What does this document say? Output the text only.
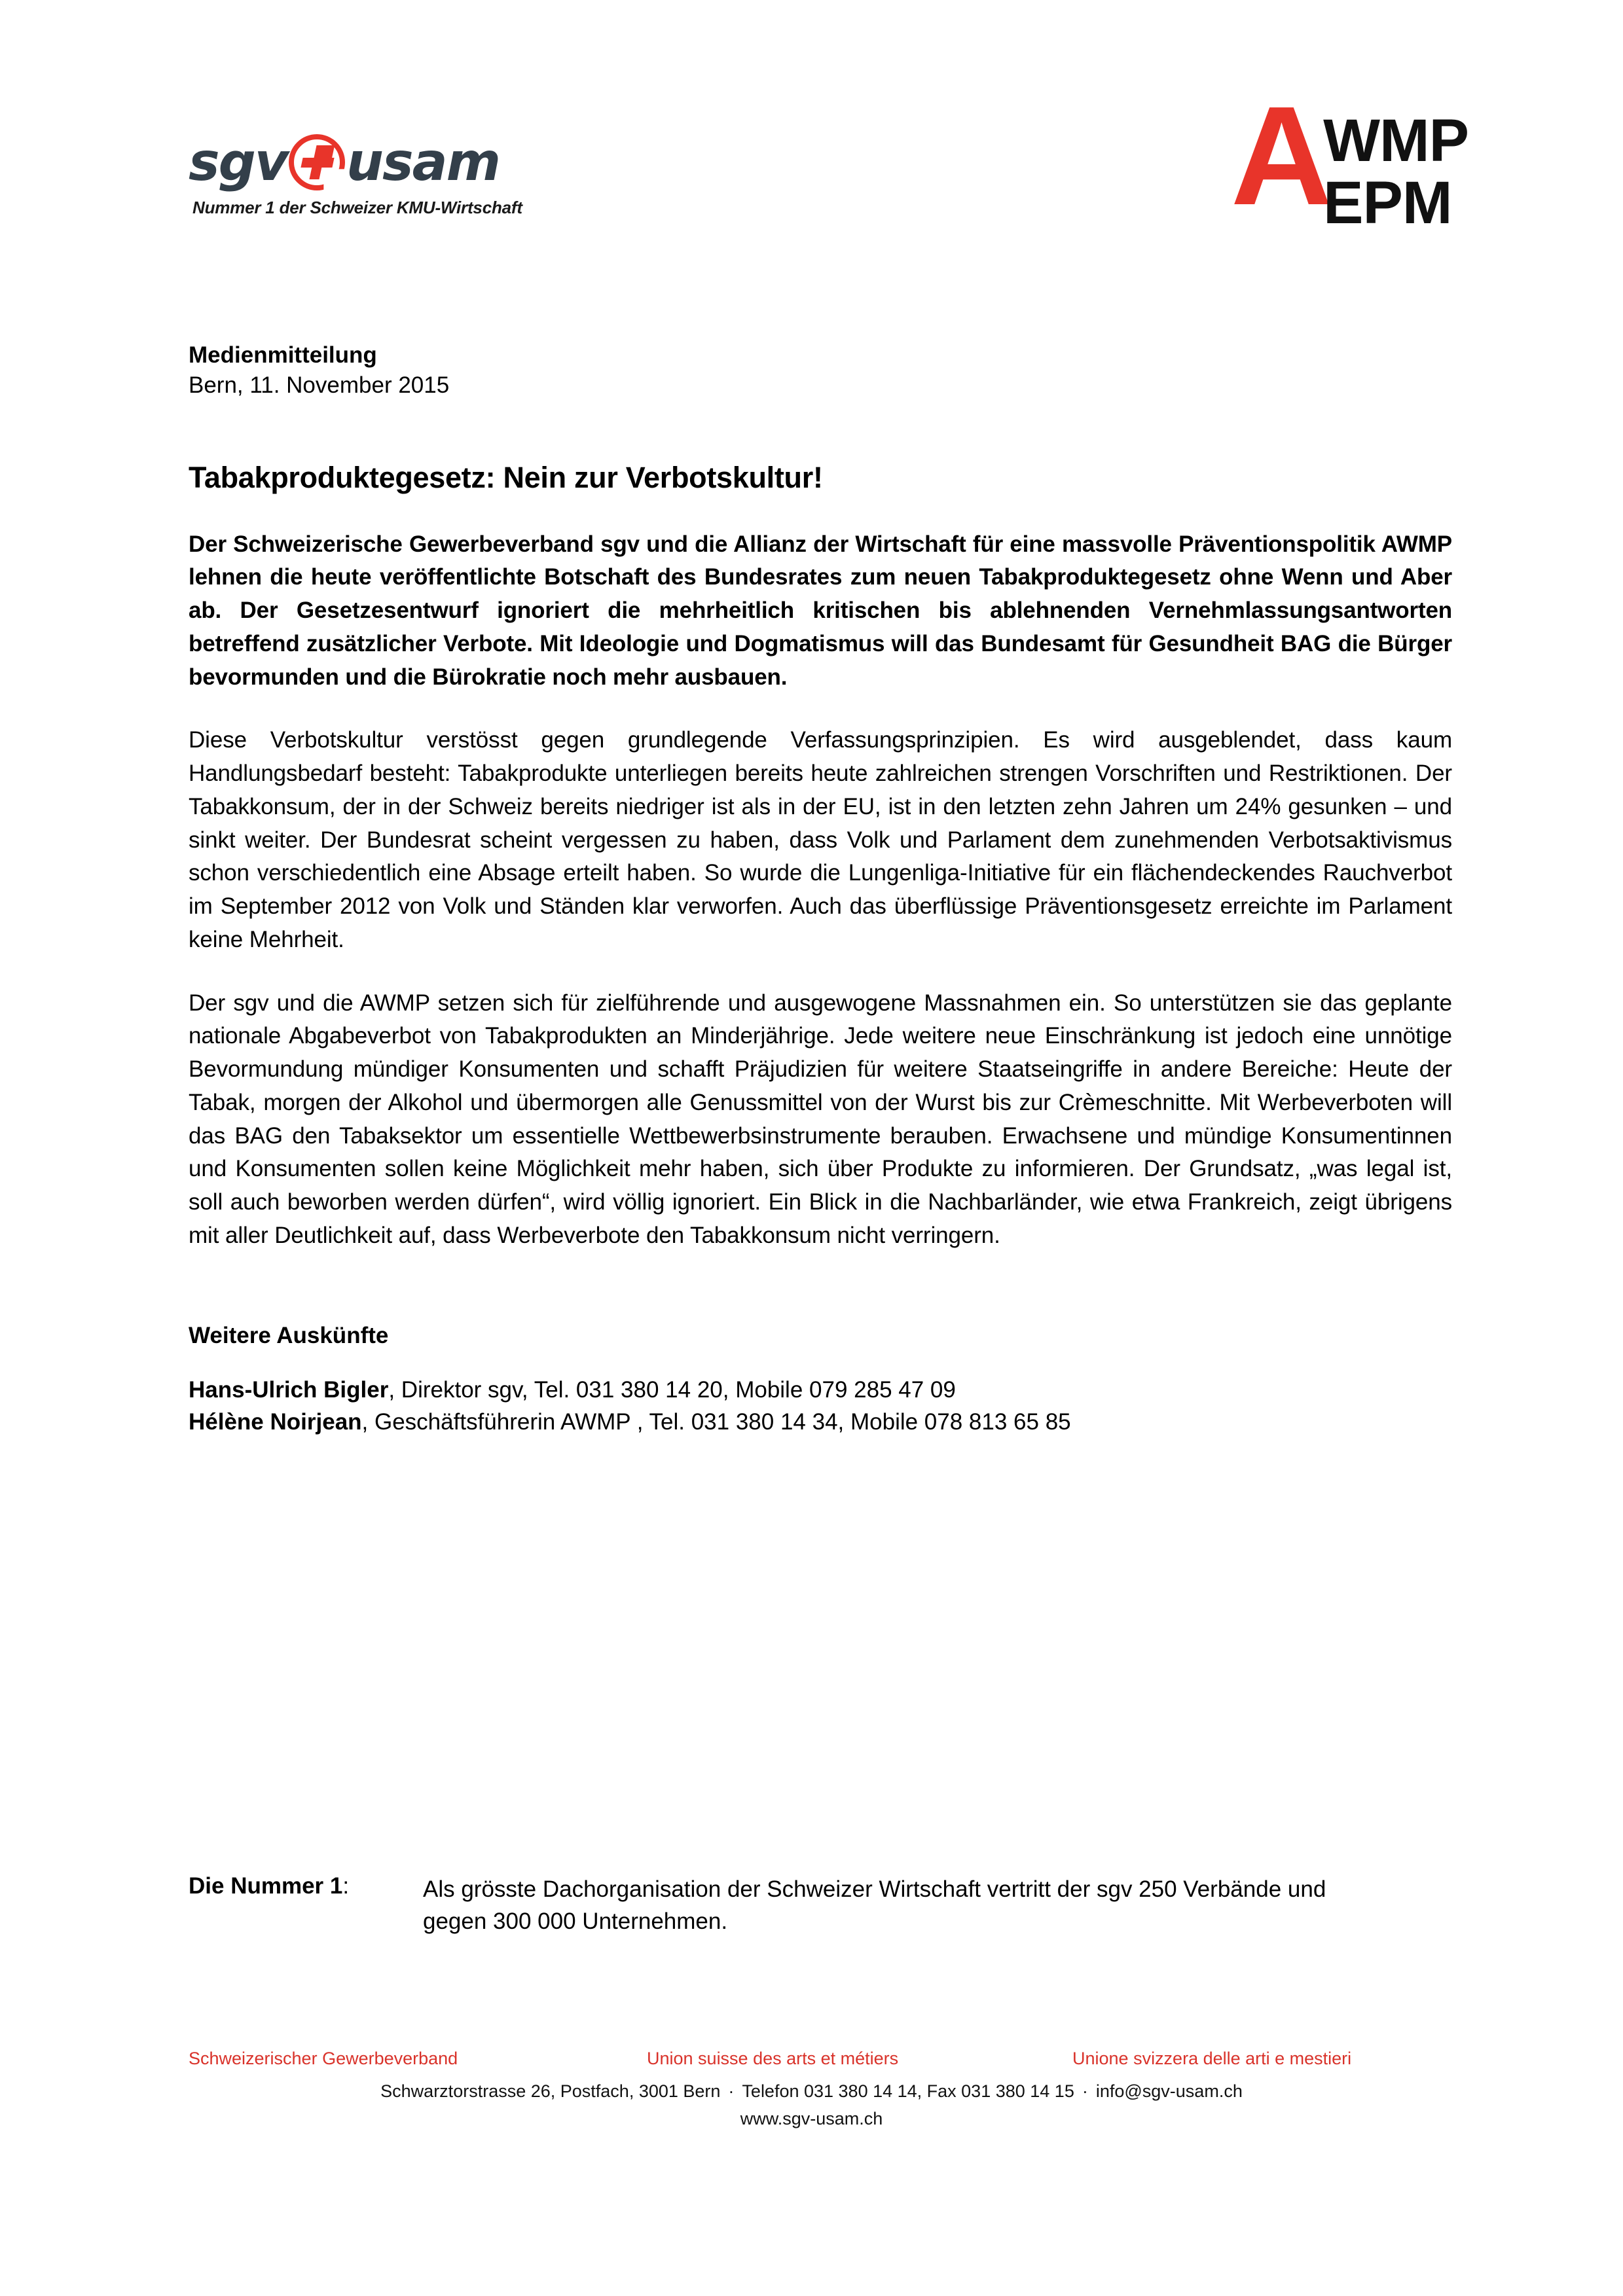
sgv usam
Nummer 1 der Schweizer KMU-Wirtschaft	A
WMP
EPM
Medienmitteilung
Bern, 11. November 2015
Tabakproduktegesetz: Nein zur Verbotskultur!

Der Schweizerische Gewerbeverband sgv und die Allianz der Wirtschaft für eine massvolle Präventionspolitik AWMP lehnen die heute veröffentlichte Botschaft des Bundesrates zum neuen Tabakproduktegesetz ohne Wenn und Aber ab. Der Gesetzesentwurf ignoriert die mehrheitlich kritischen bis ablehnenden Vernehmlassungsantworten betreffend zusätzlicher Verbote. Mit Ideologie und Dogmatismus will das Bundesamt für Gesundheit BAG die Bürger bevormunden und die Bürokratie noch mehr ausbauen.

Diese Verbotskultur verstösst gegen grundlegende Verfassungsprinzipien. Es wird ausgeblendet, dass kaum Handlungsbedarf besteht: Tabakprodukte unterliegen bereits heute zahlreichen strengen Vorschriften und Restriktionen. Der Tabakkonsum, der in der Schweiz bereits niedriger ist als in der EU, ist in den letzten zehn Jahren um 24% gesunken – und sinkt weiter. Der Bundesrat scheint vergessen zu haben, dass Volk und Parlament dem zunehmenden Verbotsaktivismus schon verschiedentlich eine Absage erteilt haben. So wurde die Lungenliga-Initiative für ein flächendeckendes Rauchverbot im September 2012 von Volk und Ständen klar verworfen. Auch das überflüssige Präventionsgesetz erreichte im Parlament keine Mehrheit.

Der sgv und die AWMP setzen sich für zielführende und ausgewogene Massnahmen ein. So unterstützen sie das geplante nationale Abgabeverbot von Tabakprodukten an Minderjährige. Jede weitere neue Einschränkung ist jedoch eine unnötige Bevormundung mündiger Konsumenten und schafft Präjudizien für weitere Staatseingriffe in andere Bereiche: Heute der Tabak, morgen der Alkohol und übermorgen alle Genussmittel von der Wurst bis zur Crèmeschnitte. Mit Werbeverboten will das BAG den Tabaksektor um essentielle Wettbewerbsinstrumente berauben. Erwachsene und mündige Konsumentinnen und Konsumenten sollen keine Möglichkeit mehr haben, sich über Produkte zu informieren. Der Grundsatz, „was legal ist, soll auch beworben werden dürfen“, wird völlig ignoriert. Ein Blick in die Nachbarländer, wie etwa Frankreich, zeigt übrigens mit aller Deutlichkeit auf, dass Werbeverbote den Tabakkonsum nicht verringern.

Weitere Auskünfte
Hans-Ulrich Bigler, Direktor sgv, Tel. 031 380 14 20, Mobile 079 285 47 09
Hélène Noirjean, Geschäftsführerin AWMP , Tel. 031 380 14 34, Mobile 078 813 65 85
Die Nummer 1:	Als grösste Dachorganisation der Schweizer Wirtschaft vertritt der sgv 250 Verbände und gegen 300 000 Unternehmen.
Schweizerischer Gewerbeverband	Union suisse des arts et métiers	Unione svizzera delle arti e mestieri
Schwarztorstrasse 26, Postfach, 3001 Bern · Telefon 031 380 14 14, Fax 031 380 14 15 · info@sgv-usam.ch
www.sgv-usam.ch
